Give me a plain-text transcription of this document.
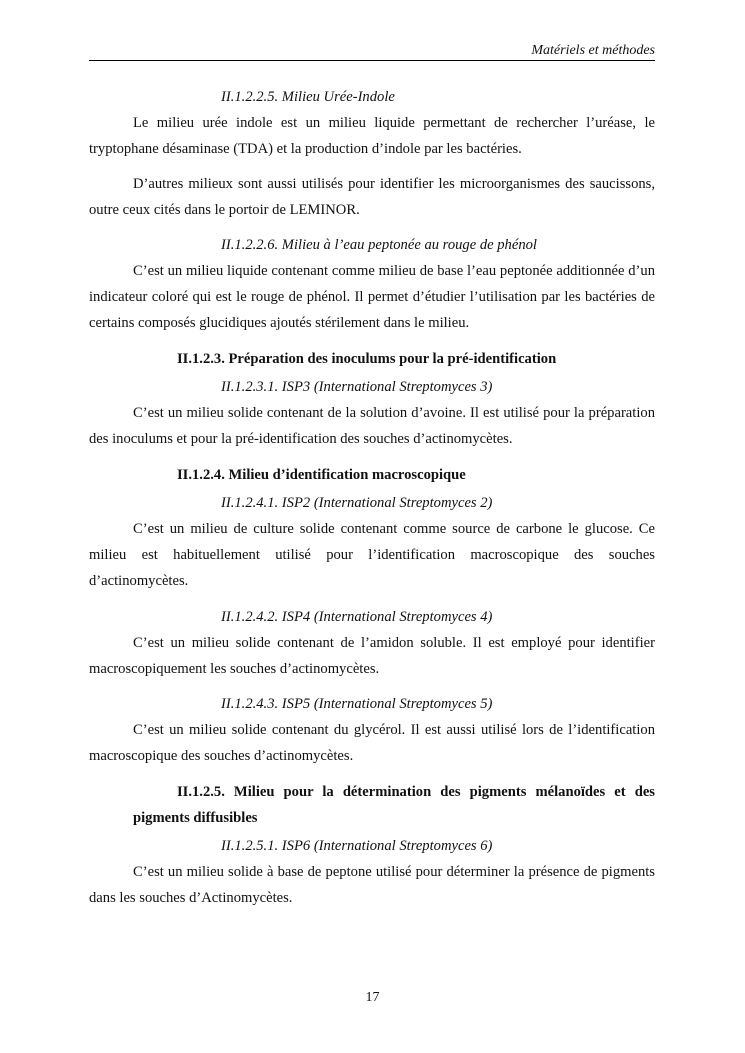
Matériels et méthodes
II.1.2.2.5. Milieu Urée-Indole
Le milieu urée indole est un milieu liquide permettant de rechercher l’uréase, le tryptophane désaminase (TDA) et la production d’indole par les bactéries.
D’autres milieux sont aussi utilisés pour identifier les microorganismes des saucissons, outre ceux cités dans le portoir de LEMINOR.
II.1.2.2.6. Milieu à l’eau peptonée au rouge de phénol
C’est un milieu liquide contenant comme milieu de base l’eau peptonée additionnée d’un indicateur coloré qui est le rouge de phénol. Il permet d’étudier l’utilisation par les bactéries de certains composés glucidiques ajoutés stérilement dans le milieu.
II.1.2.3. Préparation des inoculums pour la pré-identification
II.1.2.3.1. ISP3 (International Streptomyces 3)
C’est un milieu solide contenant de la solution d’avoine. Il est utilisé pour la préparation des inoculums et pour la pré-identification des souches d’actinomycètes.
II.1.2.4. Milieu d’identification macroscopique
II.1.2.4.1. ISP2 (International Streptomyces 2)
C’est un milieu de culture solide contenant comme source de carbone le glucose. Ce milieu est habituellement utilisé pour l’identification macroscopique des souches d’actinomycètes.
II.1.2.4.2. ISP4 (International Streptomyces 4)
C’est un milieu solide contenant de l’amidon soluble. Il est employé pour identifier macroscopiquement les souches d’actinomycètes.
II.1.2.4.3. ISP5 (International Streptomyces 5)
C’est un milieu solide contenant du glycérol. Il est aussi utilisé lors de l’identification macroscopique des souches d’actinomycètes.
II.1.2.5. Milieu pour la détermination des pigments mélanoïdes et des pigments diffusibles
II.1.2.5.1. ISP6 (International Streptomyces 6)
C’est un milieu solide à base de peptone utilisé pour déterminer la présence de pigments dans les souches d’Actinomycètes.
17
